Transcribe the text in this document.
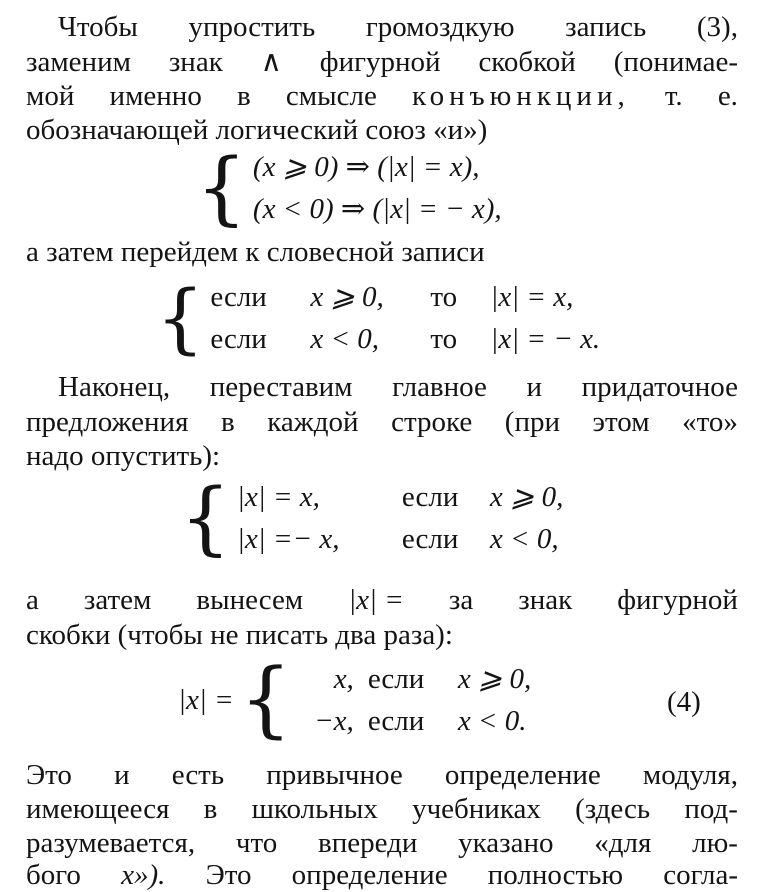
Чтобы упростить громоздкую запись (3),
заменим знак ∧ фигурной скобкой (понимае-
мой именно в смысле конъюнкции, т. е.
обозначающей логический союз «и»)
{ (x ⩾ 0) ⇒ (|x| = x),
(x < 0) ⇒ (|x| = − x),
а затем перейдем к словесной записи
{ если	x ⩾ 0,	то	|x| = x,
если	x < 0,	то	|x| = − x.
Наконец, переставим главное и придаточное
предложения в каждой строке (при этом «то»
надо опустить):
{ |x| = x,	если	x ⩾ 0,
|x| =− x,	если	x < 0,
а затем вынесем |x| = за знак фигурной
скобки (чтобы не писать два раза):
|x| = {	x, если	x ⩾ 0,
−x, если	x < 0.
(4)
Это и есть привычное определение модуля,
имеющееся в школьных учебниках (здесь под-
разумевается, что впереди указано «для лю-
бого x»). Это определение полностью согла-
